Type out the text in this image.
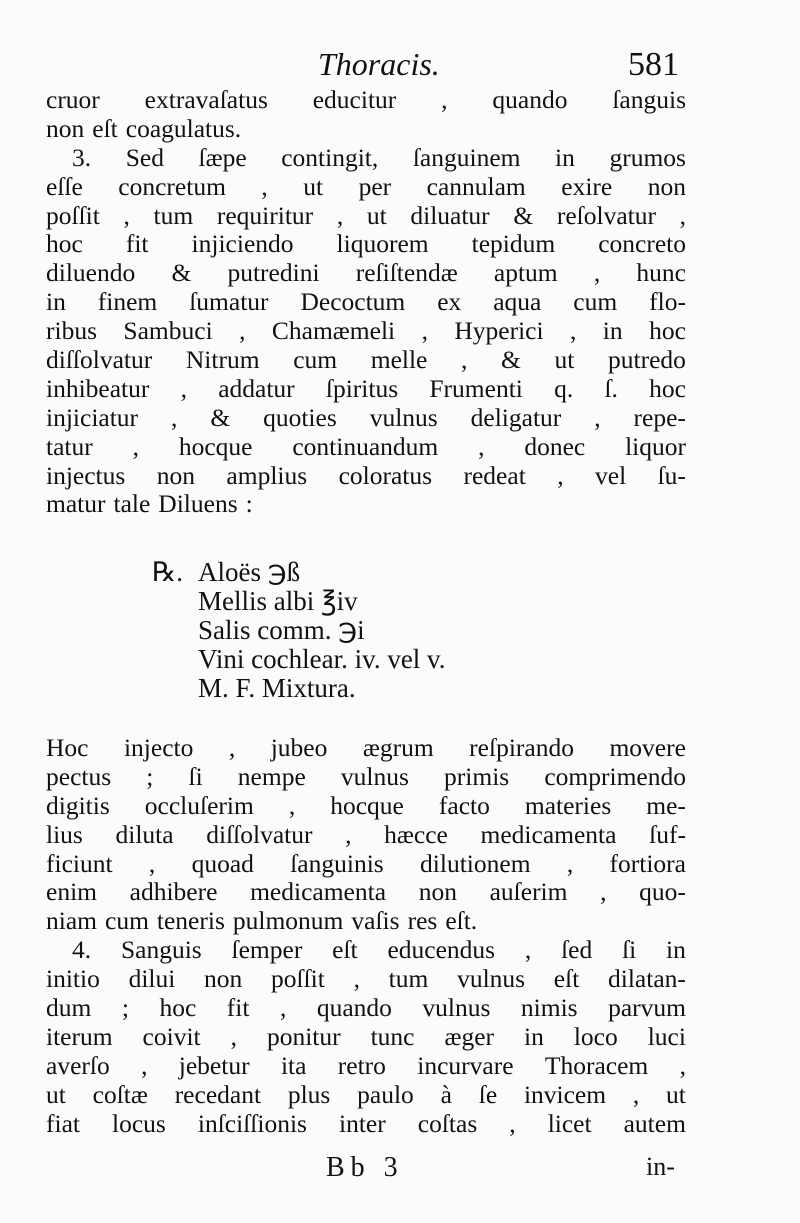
Thoracis.	581
cruor extravaſatus educitur , quando ſanguis
non eſt coagulatus.
3. Sed ſæpe contingit, ſanguinem in grumos
eſſe concretum , ut per cannulam exire non
poſſit , tum requiritur , ut diluatur & reſolvatur ,
hoc fit injiciendo liquorem tepidum concreto
diluendo & putredini reſiſtendæ aptum , hunc
in finem ſumatur Decoctum ex aqua cum flo-
ribus Sambuci , Chamæmeli , Hyperici , in hoc
diſſolvatur Nitrum cum melle , & ut putredo
inhibeatur , addatur ſpiritus Frumenti q. ſ. hoc
injiciatur , & quoties vulnus deligatur , repe-
tatur , hocque continuandum , donec liquor
injectus non amplius coloratus redeat , vel ſu-
matur tale Diluens :
℞. Aloës ℈ß
Mellis albi ℥iv
Salis comm. ℈i
Vini cochlear. iv. vel v.
M. F. Mixtura.
Hoc injecto , jubeo ægrum reſpirando movere
pectus ; ſi nempe vulnus primis comprimendo
digitis occluſerim , hocque facto materies me-
lius diluta diſſolvatur , hæcce medicamenta ſuf-
ficiunt , quoad ſanguinis dilutionem , fortiora
enim adhibere medicamenta non auſerim , quo-
niam cum teneris pulmonum vaſis res eſt.
4. Sanguis ſemper eſt educendus , ſed ſi in
initio dilui non poſſit , tum vulnus eſt dilatan-
dum ; hoc fit , quando vulnus nimis parvum
iterum coivit , ponitur tunc æger in loco luci
averſo , jebetur ita retro incurvare Thoracem ,
ut coſtæ recedant plus paulo à ſe invicem , ut
fiat locus inſciſſionis inter coſtas , licet autem
Bb 3	in-
